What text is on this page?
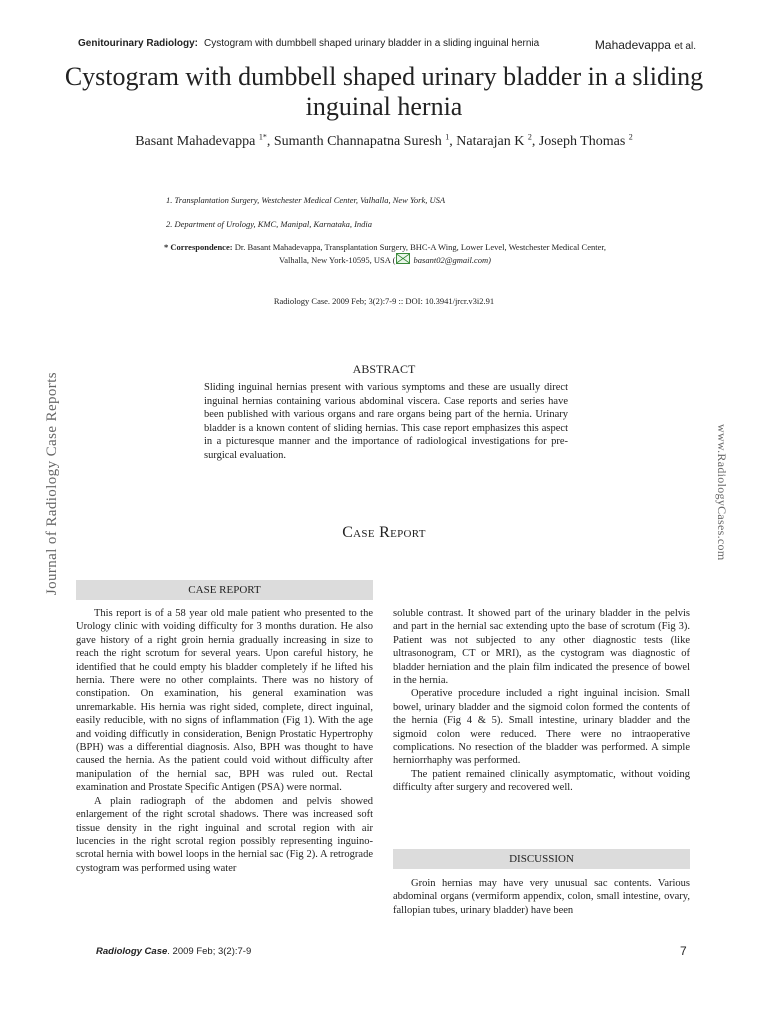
Genitourinary Radiology: Cystogram with dumbbell shaped urinary bladder in a sliding inguinal hernia	Mahadevappa et al.
Cystogram with dumbbell shaped urinary bladder in a sliding inguinal hernia
Basant Mahadevappa $^{1*}$, Sumanth Channapatna Suresh $^1$, Natarajan K $^2$, Joseph Thomas $^2$
1. Transplantation Surgery, Westchester Medical Center, Valhalla, New York, USA
2. Department of Urology, KMC, Manipal, Karnataka, India
* Correspondence: Dr. Basant Mahadevappa, Transplantation Surgery, BHC-A Wing, Lower Level, Westchester Medical Center, Valhalla, New York-10595, USA ( basant02@gmail.com)
Radiology Case. 2009 Feb; 3(2):7-9 :: DOI: 10.3941/jrcr.v3i2.91
ABSTRACT
Sliding inguinal hernias present with various symptoms and these are usually direct inguinal hernias containing various abdominal viscera. Case reports and series have been published with various organs and rare organs being part of the hernia. Urinary bladder is a known content of sliding hernias. This case report emphasizes this aspect in a picturesque manner and the importance of radiological investigations for pre-surgical evaluation.
Case Report
Journal of Radiology Case Reports	www.RadiologyCases.com
CASE REPORT

This report is of a 58 year old male patient who presented to the Urology clinic with voiding difficulty for 3 months duration. He also gave history of a right groin hernia gradually increasing in size to reach the right scrotum for several years. Upon careful history, he identified that he could empty his bladder completely if he lifted his hernia. There were no other complaints. There was no history of constipation. On examination, his general examination was unremarkable. His hernia was right sided, complete, direct inguinal, easily reducible, with no signs of inflammation (Fig 1). With the age and voiding difficutly in consideration, Benign Prostatic Hypertrophy (BPH) was a differential diagnosis. Also, BPH was thought to have caused the hernia. As the patient could void without difficulty after manipulation of the hernial sac, BPH was ruled out. Rectal examination and Prostate Specific Antigen (PSA) were normal.

A plain radiograph of the abdomen and pelvis showed enlargement of the right scrotal shadows. There was increased soft tissue density in the right inguinal and scrotal region with air lucencies in the right scrotal region possibly representing inguino-scrotal hernia with bowel loops in the hernial sac (Fig 2). A retrograde cystogram was performed using water

soluble contrast. It showed part of the urinary bladder in the pelvis and part in the hernial sac extending upto the base of scrotum (Fig 3). Patient was not subjected to any other diagnostic tests (like ultrasonogram, CT or MRI), as the cystogram was diagnostic of bladder herniation and the plain film indicated the presence of bowel in the hernia.

Operative procedure included a right inguinal incision. Small bowel, urinary bladder and the sigmoid colon formed the contents of the hernia (Fig 4 & 5). Small intestine, urinary bladder and the sigmoid colon were reduced. There were no intraoperative complications. No resection of the bladder was performed. A simple herniorrhaphy was performed.

The patient remained clinically asymptomatic, without voiding difficulty after surgery and recovered well.

DISCUSSION

Groin hernias may have very unusual sac contents. Various abdominal organs (vermiform appendix, colon, small intestine, ovary, fallopian tubes, urinary bladder) have been

Radiology Case. 2009 Feb; 3(2):7-9	7
